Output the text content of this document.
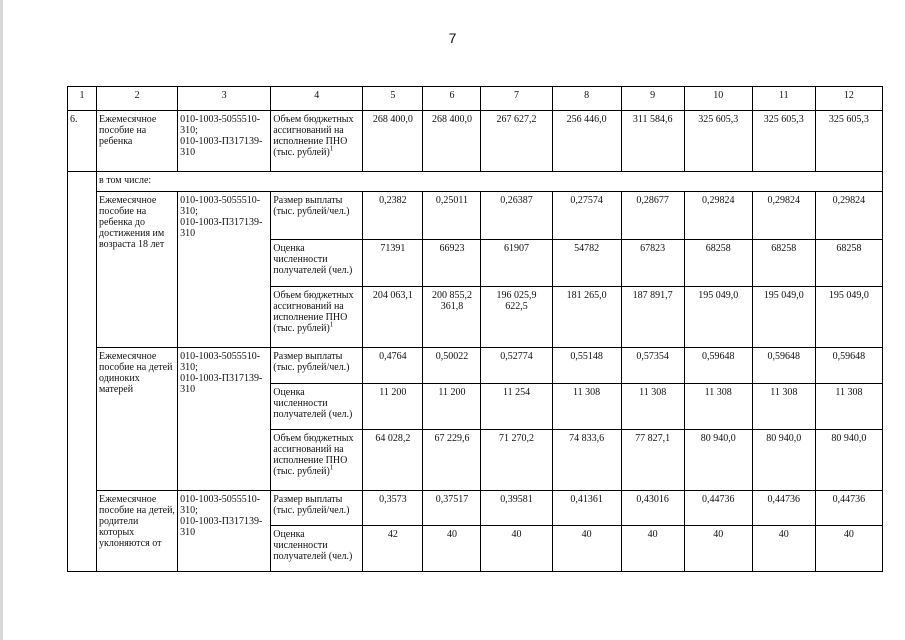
7
1	2	3	4	5	6	7	8	9	10	11	12
6.	Ежемесячное пособие на ребенка	010-1003-5055510-310;
010-1003-П317139-310	Объем бюджетных ассигнований на исполнение ПНО (тыс. рублей)$^1$	268 400,0	268 400,0	267 627,2	256 446,0	311 584,6	325 605,3	325 605,3	325 605,3
	в том числе:										
	Ежемесячное пособие на ребенка до достижения им возраста 18 лет	010-1003-5055510-310;
010-1003-П317139-310	Размер выплаты (тыс. рублей/чел.)	0,2382	0,25011	0,26387	0,27574	0,28677	0,29824	0,29824	0,29824
			Оценка численности получателей (чел.)	71391	66923	61907	54782	67823	68258	68258	68258
			Объем бюджетных ассигнований на исполнение ПНО (тыс. рублей)$^1$	204 063,1	200 855,2
361,8	196 025,9
622,5	181 265,0	187 891,7	195 049,0	195 049,0	195 049,0
	Ежемесячное пособие на детей одиноких матерей	010-1003-5055510-310;
010-1003-П317139-310	Размер выплаты (тыс. рублей/чел.)	0,4764	0,50022	0,52774	0,55148	0,57354	0,59648	0,59648	0,59648
			Оценка численности получателей (чел.)	11 200	11 200	11 254	11 308	11 308	11 308	11 308	11 308
			Объем бюджетных ассигнований на исполнение ПНО (тыс. рублей)$^1$	64 028,2	67 229,6	71 270,2	74 833,6	77 827,1	80 940,0	80 940,0	80 940,0
	Ежемесячное пособие на детей, родители которых уклоняются от	010-1003-5055510-310;
010-1003-П317139-310	Размер выплаты (тыс. рублей/чел.)	0,3573	0,37517	0,39581	0,41361	0,43016	0,44736	0,44736	0,44736
			Оценка численности получателей (чел.)	42	40	40	40	40	40	40	40
